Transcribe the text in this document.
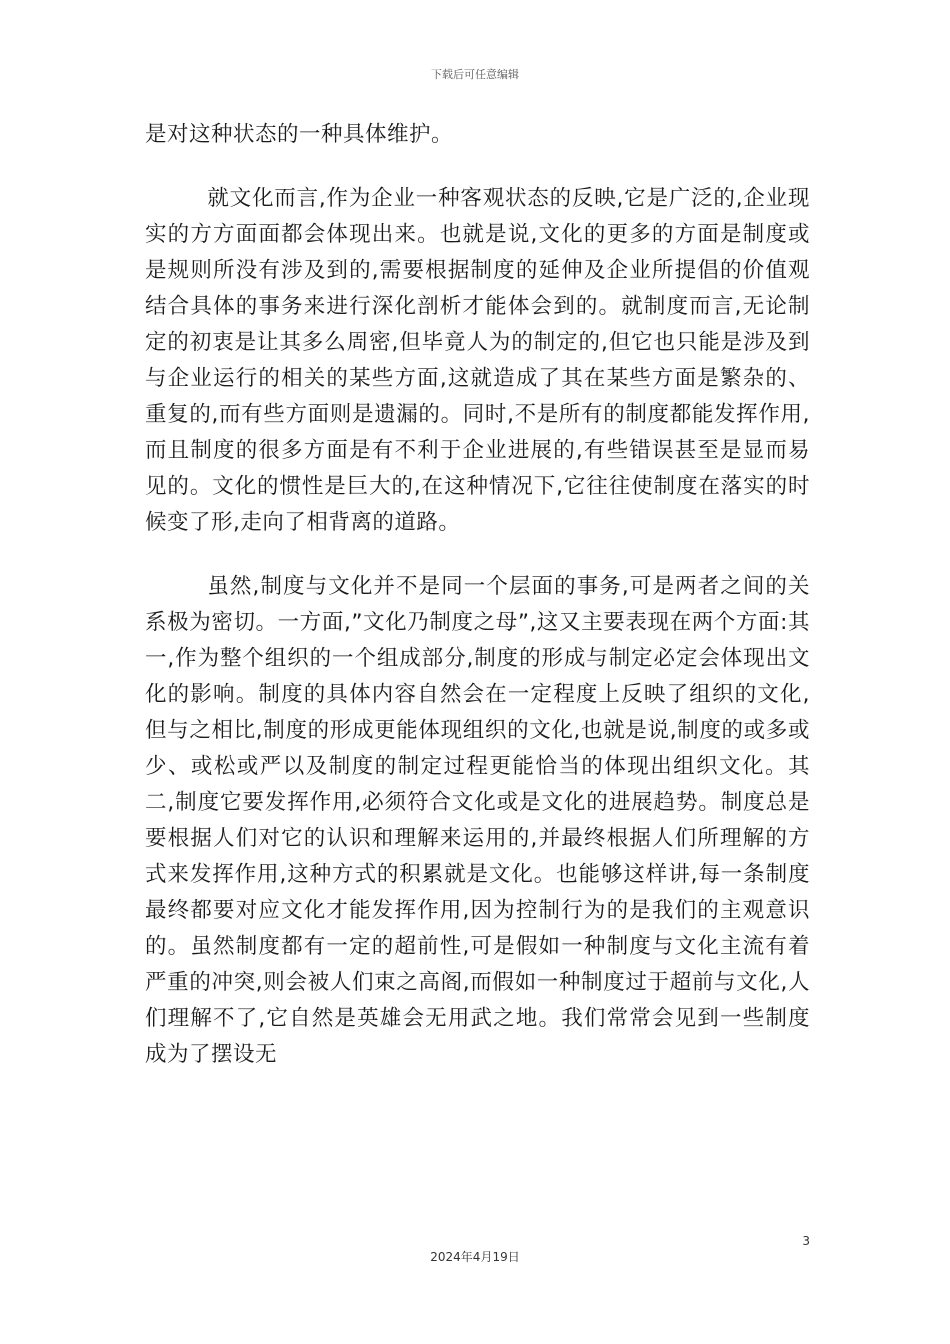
下载后可任意编辑

是对这种状态的一种具体维护。

就文化而言,作为企业一种客观状态的反映,它是广泛的,企业现实的方方面面都会体现出来。也就是说,文化的更多的方面是制度或是规则所没有涉及到的,需要根据制度的延伸及企业所提倡的价值观结合具体的事务来进行深化剖析才能体会到的。就制度而言,无论制定的初衷是让其多么周密,但毕竟人为的制定的,但它也只能是涉及到与企业运行的相关的某些方面,这就造成了其在某些方面是繁杂的、重复的,而有些方面则是遗漏的。同时,不是所有的制度都能发挥作用,而且制度的很多方面是有不利于企业进展的,有些错误甚至是显而易见的。文化的惯性是巨大的,在这种情况下,它往往使制度在落实的时候变了形,走向了相背离的道路。

虽然,制度与文化并不是同一个层面的事务,可是两者之间的关系极为密切。一方面,”文化乃制度之母”,这又主要表现在两个方面:其一,作为整个组织的一个组成部分,制度的形成与制定必定会体现出文化的影响。制度的具体内容自然会在一定程度上反映了组织的文化,但与之相比,制度的形成更能体现组织的文化,也就是说,制度的或多或少、或松或严以及制度的制定过程更能恰当的体现出组织文化。其二,制度它要发挥作用,必须符合文化或是文化的进展趋势。制度总是要根据人们对它的认识和理解来运用的,并最终根据人们所理解的方式来发挥作用,这种方式的积累就是文化。也能够这样讲,每一条制度最终都要对应文化才能发挥作用,因为控制行为的是我们的主观意识的。虽然制度都有一定的超前性,可是假如一种制度与文化主流有着严重的冲突,则会被人们束之高阁,而假如一种制度过于超前与文化,人们理解不了,它自然是英雄会无用武之地。我们常常会见到一些制度成为了摆设无

3
2024年4月19日
